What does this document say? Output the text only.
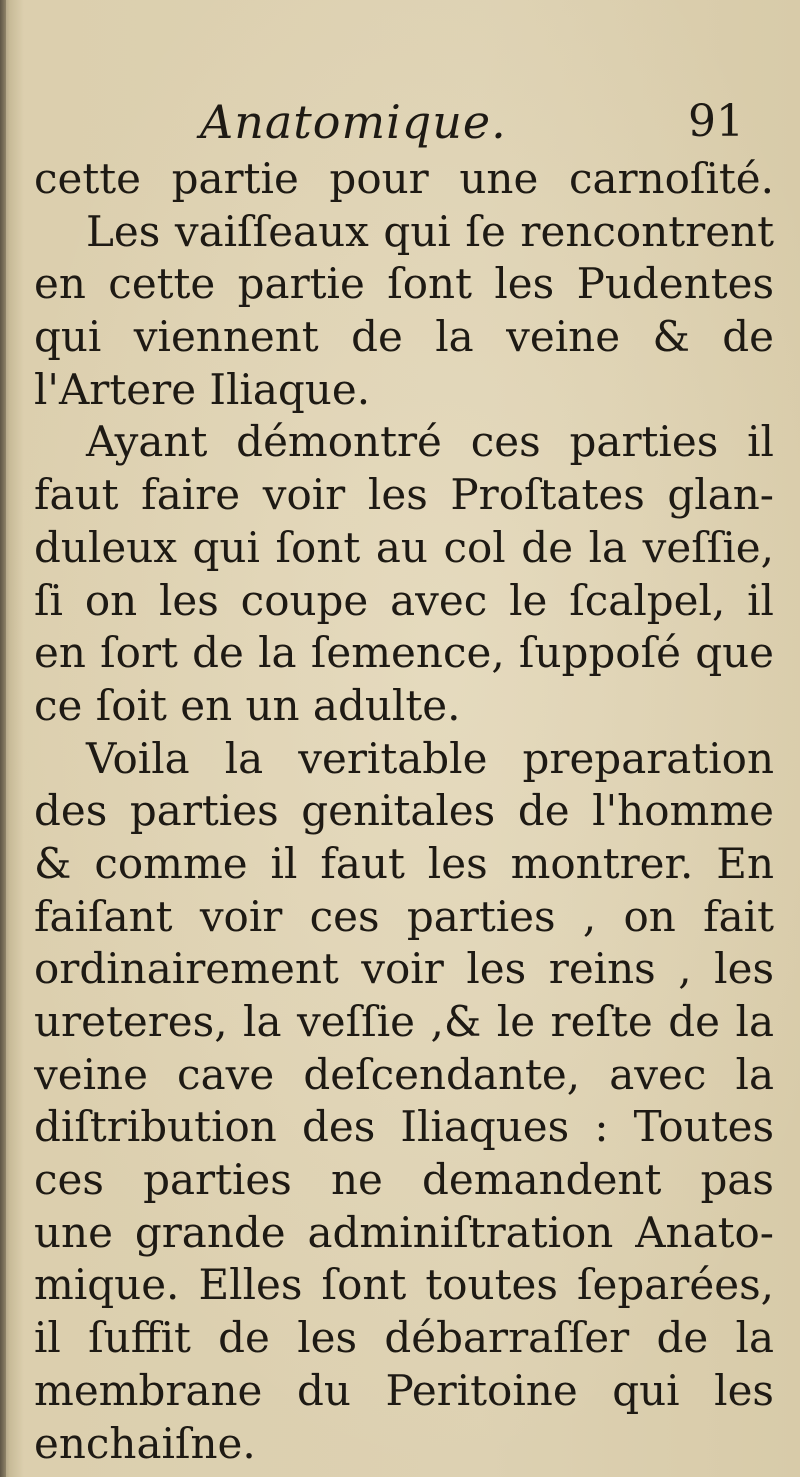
Anatomique.	91
cette partie pour une carnoſité.
Les vaiſſeaux qui ſe rencontrent
en cette partie ſont les Pudentes
qui viennent de la veine & de
l'Artere Iliaque.
Ayant démontré ces parties il
faut faire voir les Proſtates glan-
duleux qui ſont au col de la veſſie,
ſi on les coupe avec le ſcalpel, il
en ſort de la ſemence, ſuppoſé que
ce ſoit en un adulte.
Voila la veritable preparation
des parties genitales de l'homme
& comme il faut les montrer. En
faiſant voir ces parties , on fait
ordinairement voir les reins , les
ureteres, la veſſie ,& le reſte de la
veine cave deſcendante, avec la
diſtribution des Iliaques : Toutes
ces parties ne demandent pas
une grande adminiſtration Anato-
mique. Elles ſont toutes ſeparées,
il ſuffit de les débarraſſer de la
membrane du Peritoine qui les
enchaiſne.
